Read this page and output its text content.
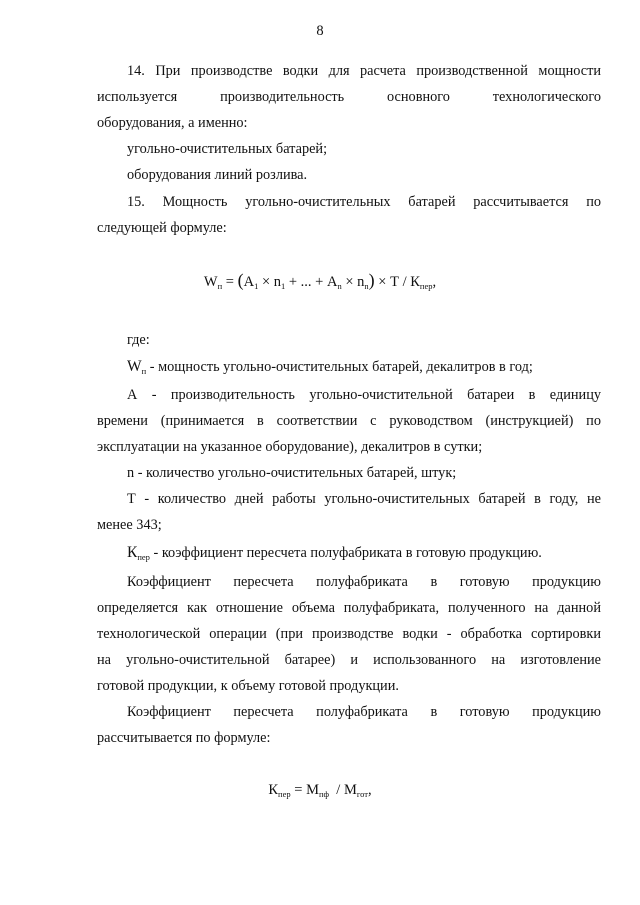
8

14. При производстве водки для расчета производственной мощности

используется производительность основного технологического

оборудования, а именно:

угольно-очистительных батарей;

оборудования линий розлива.

15. Мощность угольно-очистительных батарей рассчитывается по

следующей формуле:

$W_п = (А_1 \times n_1$ + ... + $А_n \times n_n) \times Т / К_{пер}$,

где:

$W_п$ - мощность угольно-очистительных батарей, декалитров в год;

А - производительность угольно-очистительной батареи в единицу

времени (принимается в соответствии с руководством (инструкцией) по

эксплуатации на указанное оборудование), декалитров в сутки;

n - количество угольно-очистительных батарей, штук;

Т - количество дней работы угольно-очистительных батарей в году, не

менее 343;

$К_{пер}$ - коэффициент пересчета полуфабриката в готовую продукцию.

Коэффициент пересчета полуфабриката в готовую продукцию

определяется как отношение объема полуфабриката, полученного на данной

технологической операции (при производстве водки - обработка сортировки

на угольно-очистительной батарее) и использованного на изготовление

готовой продукции, к объему готовой продукции.

Коэффициент пересчета полуфабриката в готовую продукцию

рассчитывается по формуле:

$К_{пер} = М_{пф} / М_{гот}$,
